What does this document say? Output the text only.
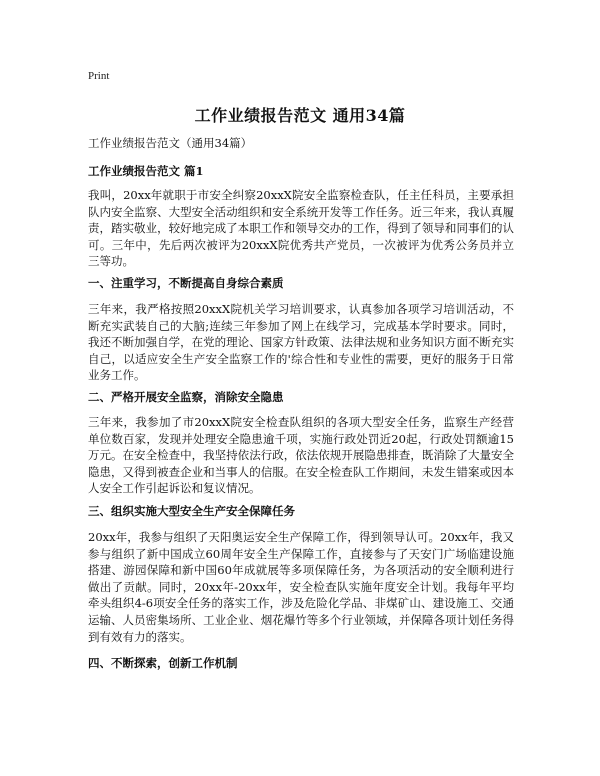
Print
工作业绩报告范文 通用34篇
工作业绩报告范文（通用34篇）
工作业绩报告范文 篇1
我叫，20xx年就职于市安全纠察20xxX院安全监察检查队，任主任科员，主要承担队内安全监察、大型安全活动组织和安全系统开发等工作任务。近三年来，我认真履责，踏实敬业，较好地完成了本职工作和领导交办的工作，得到了领导和同事们的认可。三年中，先后两次被评为20xxX院优秀共产党员，一次被评为优秀公务员并立三等功。
一、注重学习，不断提高自身综合素质
三年来，我严格按照20xxX院机关学习培训要求，认真参加各项学习培训活动，不断充实武装自己的大脑;连续三年参加了网上在线学习，完成基本学时要求。同时，我还不断加强自学，在党的理论、国家方针政策、法律法规和业务知识方面不断充实自己，以适应安全生产安全监察工作的'综合性和专业性的需要，更好的服务于日常业务工作。
二、严格开展安全监察，消除安全隐患
三年来，我参加了市20xxX院安全检查队组织的各项大型安全任务，监察生产经营单位数百家，发现并处理安全隐患逾千项，实施行政处罚近20起，行政处罚额逾15万元。在安全检查中，我坚持依法行政，依法依规开展隐患排查，既消除了大量安全隐患，又得到被查企业和当事人的信服。在安全检查队工作期间，未发生错案或因本人安全工作引起诉讼和复议情况。
三、组织实施大型安全生产安全保障任务
20xx年，我参与组织了天阳奥运安全生产保障工作，得到领导认可。20xx年，我又参与组织了新中国成立60周年安全生产保障工作，直接参与了天安门广场临建设施搭建、游园保障和新中国60年成就展等多项保障任务，为各项活动的安全顺利进行做出了贡献。同时，20xx年-20xx年，安全检查队实施年度安全计划。我每年平均牵头组织4-6项安全任务的落实工作，涉及危险化学品、非煤矿山、建设施工、交通运输、人员密集场所、工业企业、烟花爆竹等多个行业领域，并保障各项计划任务得到有效有力的落实。
四、不断探索，创新工作机制
